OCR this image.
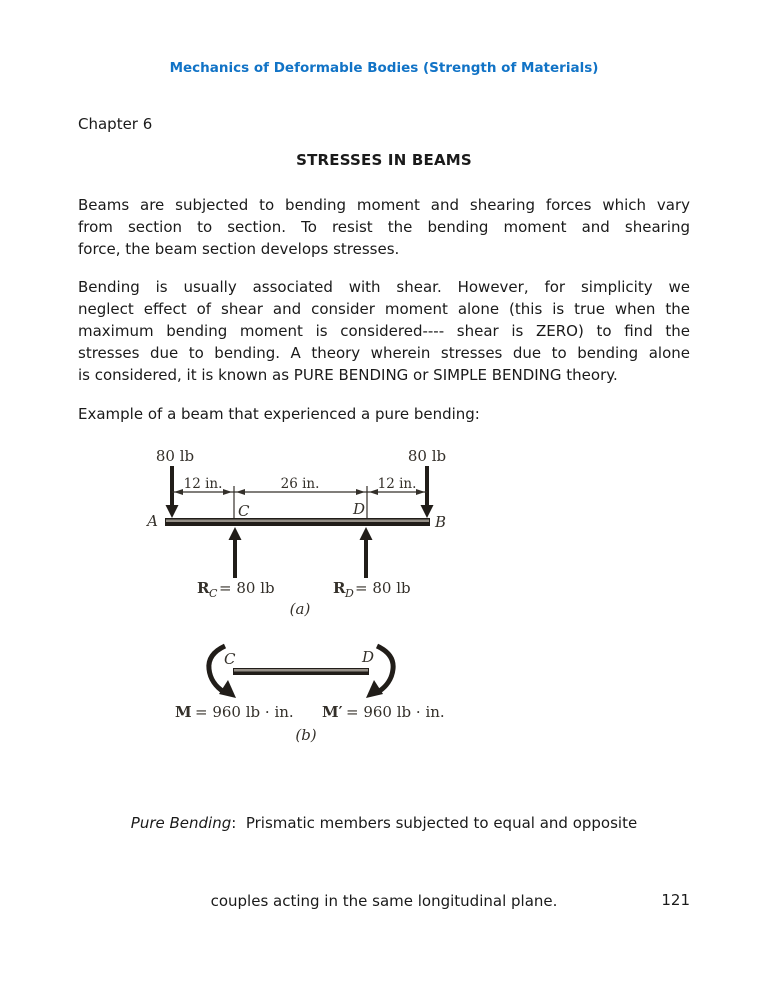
Mechanics of Deformable Bodies (Strength of Materials)
Chapter 6
STRESSES IN BEAMS
Beams are subjected to bending moment and shearing forces which vary
from section to section. To resist the bending moment and shearing
force, the beam section develops stresses.
Bending is usually associated with shear. However, for simplicity we
neglect effect of shear and consider moment alone (this is true when the
maximum bending moment is considered---- shear is ZERO) to find the
stresses due to bending. A theory wherein stresses due to bending alone
is considered, it is known as PURE BENDING or SIMPLE BENDING theory.
Example of a beam that experienced a pure bending:
80 lb	80 lb
12 in.	26 in.	12 in.
A	B
C	D
R C = 80 lb	R D = 80 lb
(a)
C	D
M = 960 lb · in. M′ = 960 lb · in.
(b)

Pure Bending:  Prismatic members subjected to equal and opposite

couples acting in the same longitudinal plane.

	121
